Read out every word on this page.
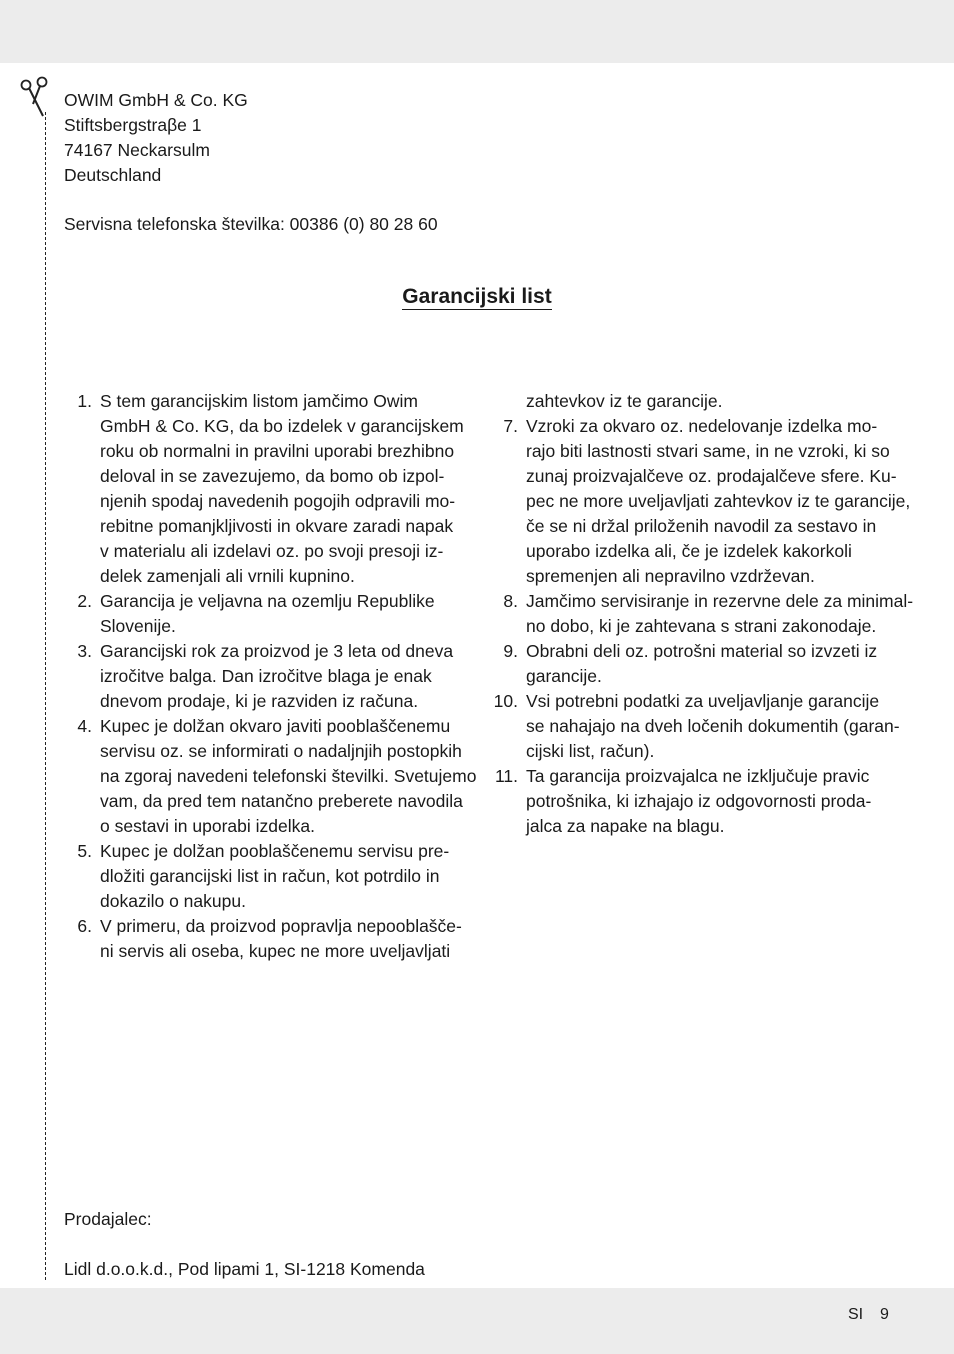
OWIM GmbH & Co. KG
Stiftsbergstraβe 1
74167 Neckarsulm
Deutschland
Servisna telefonska številka: 00386 (0) 80 28 60
Garancijski list
1. S tem garancijskim listom jamčimo Owim
GmbH & Co. KG, da bo izdelek v garancijskem
roku ob normalni in pravilni uporabi brezhibno
deloval in se zavezujemo, da bomo ob izpol-
njenih spodaj navedenih pogojih odpravili mo-
rebitne pomanjkljivosti in okvare zaradi napak
v materialu ali izdelavi oz. po svoji presoji iz-
delek zamenjali ali vrnili kupnino.
2. Garancija je veljavna na ozemlju Republike
Slovenije.
3. Garancijski rok za proizvod je 3 leta od dneva
izročitve balga. Dan izročitve blaga je enak
dnevom prodaje, ki je razviden iz računa.
4. Kupec je dolžan okvaro javiti pooblaščenemu
servisu oz. se informirati o nadaljnjih postopkih
na zgoraj navedeni telefonski številki. Svetujemo
vam, da pred tem natančno preberete navodila
o sestavi in uporabi izdelka.
5. Kupec je dolžan pooblaščenemu servisu pre-
dložiti garancijski list in račun, kot potrdilo in
dokazilo o nakupu.
6. V primeru, da proizvod popravlja nepooblašče-
ni servis ali oseba, kupec ne more uveljavljati
zahtevkov iz te garancije.
7. Vzroki za okvaro oz. nedelovanje izdelka mo-
rajo biti lastnosti stvari same, in ne vzroki, ki so
zunaj proizvajalčeve oz. prodajalčeve sfere. Ku-
pec ne more uveljavljati zahtevkov iz te garancije,
če se ni držal priloženih navodil za sestavo in
uporabo izdelka ali, če je izdelek kakorkoli
spremenjen ali nepravilno vzdrževan.
8. Jamčimo servisiranje in rezervne dele za minimal-
no dobo, ki je zahtevana s strani zakonodaje.
9. Obrabni deli oz. potrošni material so izvzeti iz
garancije.
10. Vsi potrebni podatki za uveljavljanje garancije
se nahajajo na dveh ločenih dokumentih (garan-
cijski list, račun).
11. Ta garancija proizvajalca ne izključuje pravic
potrošnika, ki izhajajo iz odgovornosti proda-
jalca za napake na blagu.
Prodajalec:
Lidl d.o.o.k.d., Pod lipami 1, SI-1218 Komenda
SI 9
